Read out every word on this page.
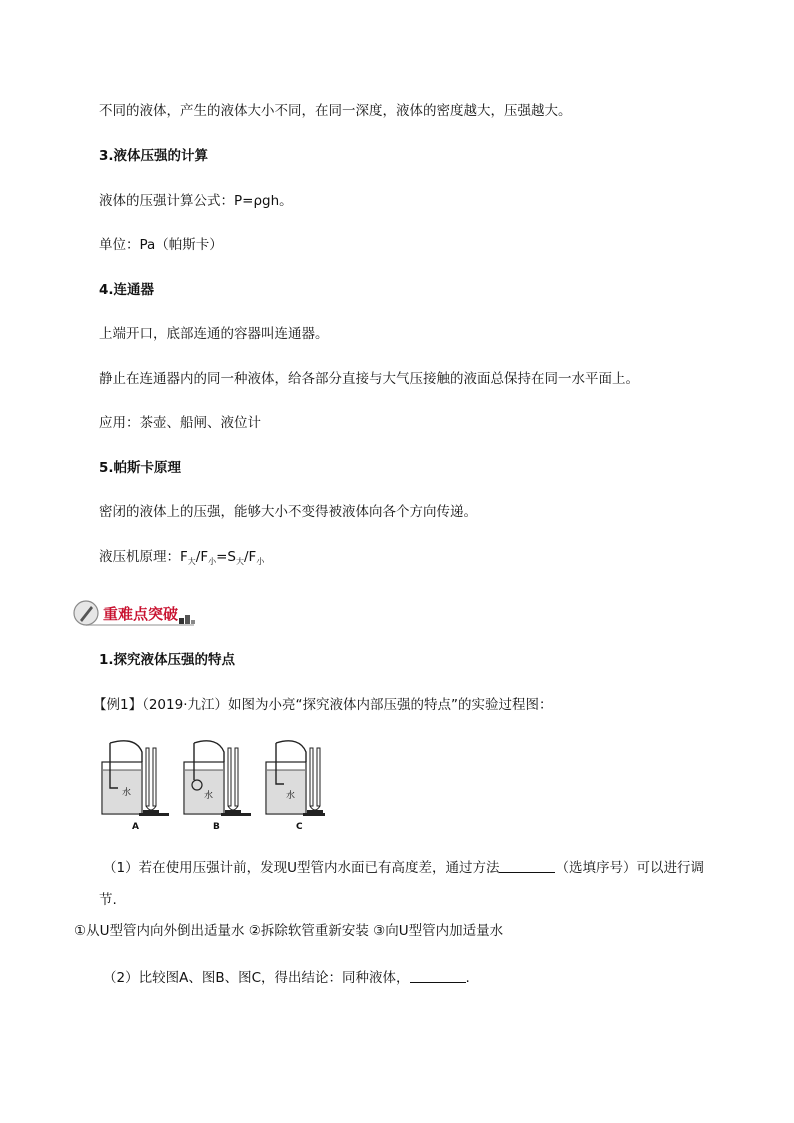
不同的液体，产生的液体大小不同，在同一深度，液体的密度越大，压强越大。
3.液体压强的计算
液体的压强计算公式：P=ρgh。
单位：Pa（帕斯卡）
4.连通器
上端开口，底部连通的容器叫连通器。
静止在连通器内的同一种液体，给各部分直接与大气压接触的液面总保持在同一水平面上。
应用：茶壶、船闸、液位计
5.帕斯卡原理
密闭的液体上的压强，能够大小不变得被液体向各个方向传递。
液压机原理：$F_大/F_小=S_大/F_小$
重难点突破
1.探究液体压强的特点
【例1】（2019·九江）如图为小亮“探究液体内部压强的特点”的实验过程图：
水	水	水
A	B	C
（1）若在使用压强计前，发现U型管内水面已有高度差，通过方法	（选填序号）可以进行调
节.
①从U型管内向外倒出适量水 ②拆除软管重新安装 ③向U型管内加适量水
（2）比较图A、图B、图C，得出结论：同种液体，	.
